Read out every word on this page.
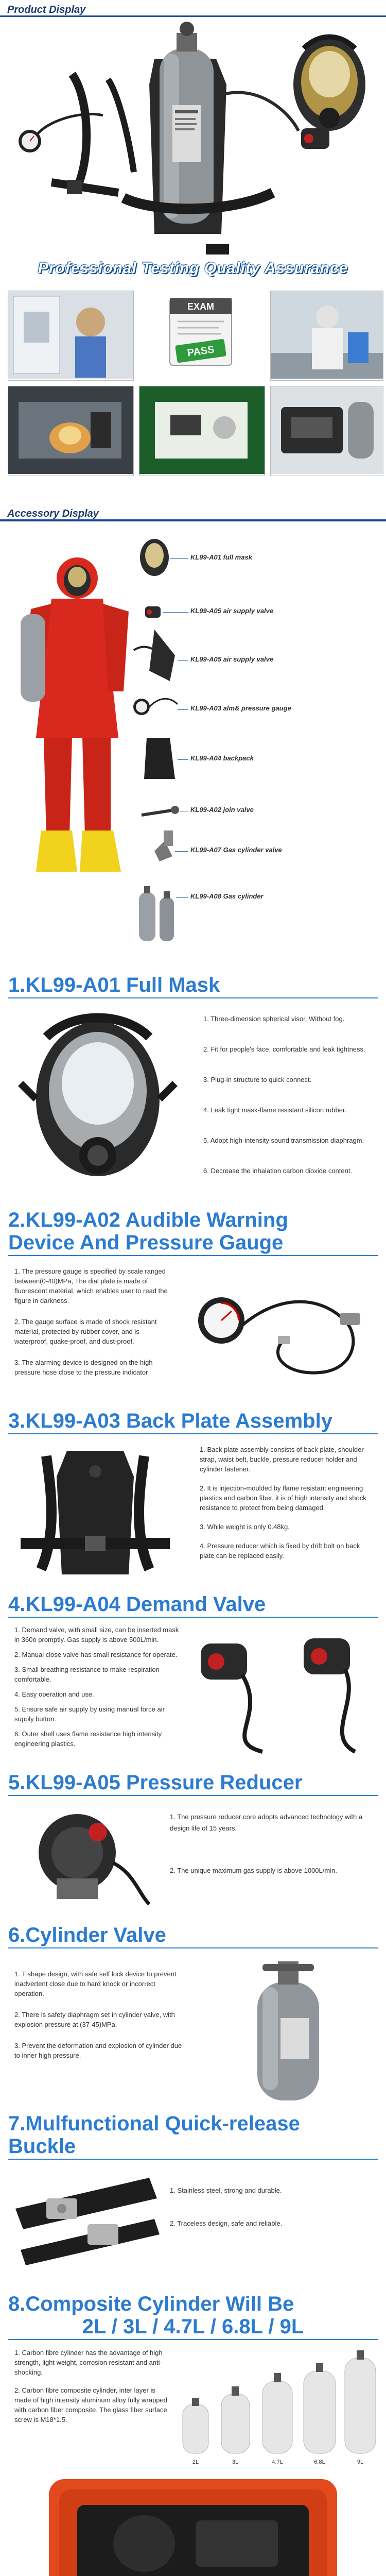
Product Display
Professional Testing Quality Assurance
EXAM
PASS
Accessory Display
KL99-A01 full mask
KL99-A05 air supply valve
KL99-A05 air supply valve
KL99-A03 alm& pressure gauge
KL99-A04 backpack
KL99-A02 join valve
KL99-A07 Gas cylinder valve
KL99-A08 Gas cylinder
1.KL99-A01 Full Mask

1. Three-dimension spherical visor, Without fog.

2. Fit for people's face, comfortable and leak tightness.

3. Plug-in structure to quick connect.

4. Leak tight mask-flame resistant silicon rubber.

5. Adopt high-intensity sound transmission diaphragm.

6. Decrease the inhalation carbon dioxide content.

2.KL99-A02 Audible Warning
Device And Pressure Gauge

1. The pressure gauge is specified by scale ranged between(0-40)MPa, The dial plate is made of fluorescent material, which enables user to read the figure in darkness.

2. The gauge surface is made of shock resistant material, protected by rubber cover, and is waterproof, quake-proof, and dust-proof.

3. The alarming device is designed on the high pressure hose close to the pressure indicator

3.KL99-A03 Back Plate Assembly

1. Back plate assembly consists of back plate, shoulder strap, waist belt, buckle, pressure reducer holder and cylinder fastener.

2. It is injection-moulded by flame resistant engineering plastics and carbon fiber, it is of high intensity and shock resistance to protect from being damaged.

3. While weight is only 0.48kg.

4. Pressure reducer which is fixed by drift bolt on back plate can be replaced easily.

4.KL99-A04 Demand Valve

1. Demand valve, with small size, can be inserted mask in 360o promptly. Gas supply is above 500L/min.

2. Manual close valve has small resistance for operate.

3. Small breathing resistance to make respiration comfortable.

4. Easy operation and use.

5. Ensure safe air supply by using manual force air supply button.

6. Outer shell uses flame resistance high intensity engineering plastics.

5.KL99-A05 Pressure Reducer

1. The pressure reducer core adopts advanced technology with a design life of 15 years.

2. The unique maximum gas supply is above 1000L/min.

6.Cylinder Valve

1. T shape design, with safe self lock device to prevent inadvertent close due to hard knock or incorrect operation.

2. There is safety diaphragm set in cylinder valve, with explosion pressure at (37-45)MPa.

3. Prevent the deformation and explosion of cylinder due to inner high pressure.

7.Mulfunctional Quick-release
Buckle

1. Stainless steel, strong and durable.

2. Traceless design, safe and reliable.

8.Composite Cylinder Will Be
2L / 3L / 4.7L / 6.8L / 9L

1. Carbon fibre cylinder has the advantage of high strength, light weight, corrosion resistant and anti-shocking.

2. Carbon fibre composite cylinder, inter layer is made of high intensity aluminum alloy fully wrapped with carbon fiber composite. The glass fiber surface screw is M18*1.5.

2L	3L	4.7L	6.8L	9L
